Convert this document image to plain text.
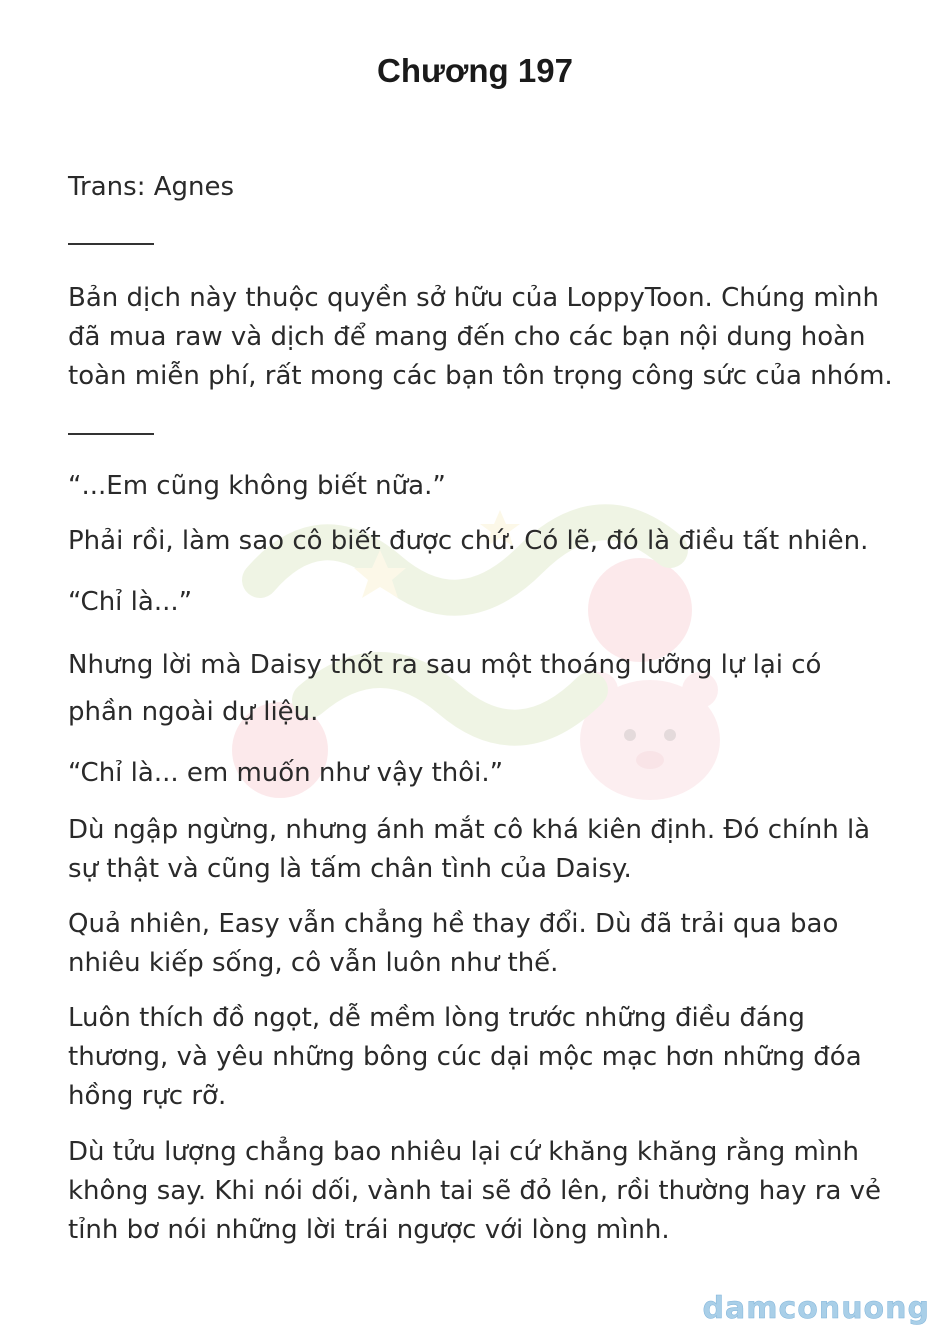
Chương 197
Trans: Agnes
Bản dịch này thuộc quyền sở hữu của LoppyToon. Chúng mình
đã mua raw và dịch để mang đến cho các bạn nội dung hoàn
toàn miễn phí, rất mong các bạn tôn trọng công sức của nhóm.
“...Em cũng không biết nữa.”
Phải rồi, làm sao cô biết được chứ. Có lẽ, đó là điều tất nhiên.
“Chỉ là...”
Nhưng lời mà Daisy thốt ra sau một thoáng lưỡng lự lại có
phần ngoài dự liệu.
“Chỉ là... em muốn như vậy thôi.”
Dù ngập ngừng, nhưng ánh mắt cô khá kiên định. Đó chính là
sự thật và cũng là tấm chân tình của Daisy.
Quả nhiên, Easy vẫn chẳng hề thay đổi. Dù đã trải qua bao
nhiêu kiếp sống, cô vẫn luôn như thế.
Luôn thích đồ ngọt, dễ mềm lòng trước những điều đáng
thương, và yêu những bông cúc dại mộc mạc hơn những đóa
hồng rực rỡ.
Dù tửu lượng chẳng bao nhiêu lại cứ khăng khăng rằng mình
không say. Khi nói dối, vành tai sẽ đỏ lên, rồi thường hay ra vẻ
tỉnh bơ nói những lời trái ngược với lòng mình.
damconuong
